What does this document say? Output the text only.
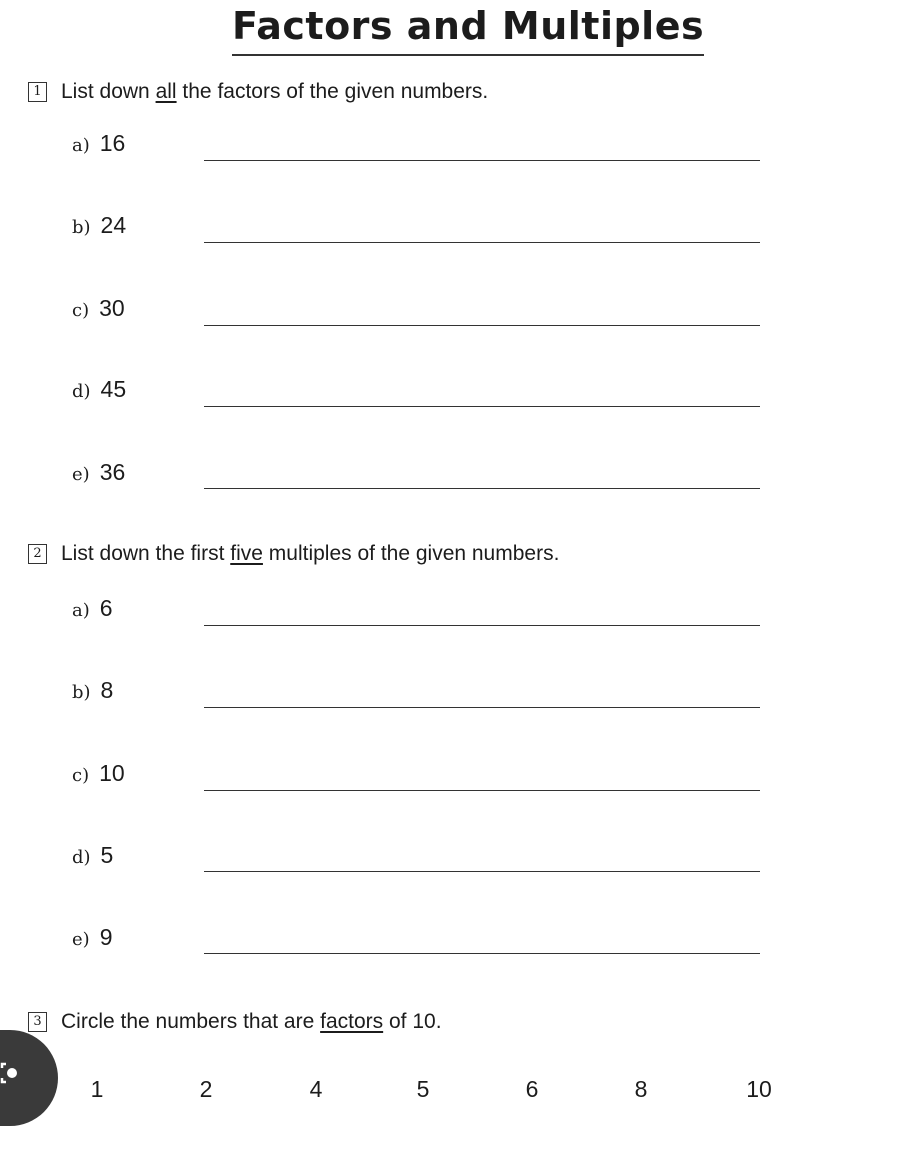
Factors and Multiples
1 List down all the factors of the given numbers.
a) 16
b) 24
c) 30
d) 45
e) 36
2 List down the first five multiples of the given numbers.
a) 6
b) 8
c) 10
d) 5
e) 9
3 Circle the numbers that are factors of 10.
1	2	4	5	6	8	10
